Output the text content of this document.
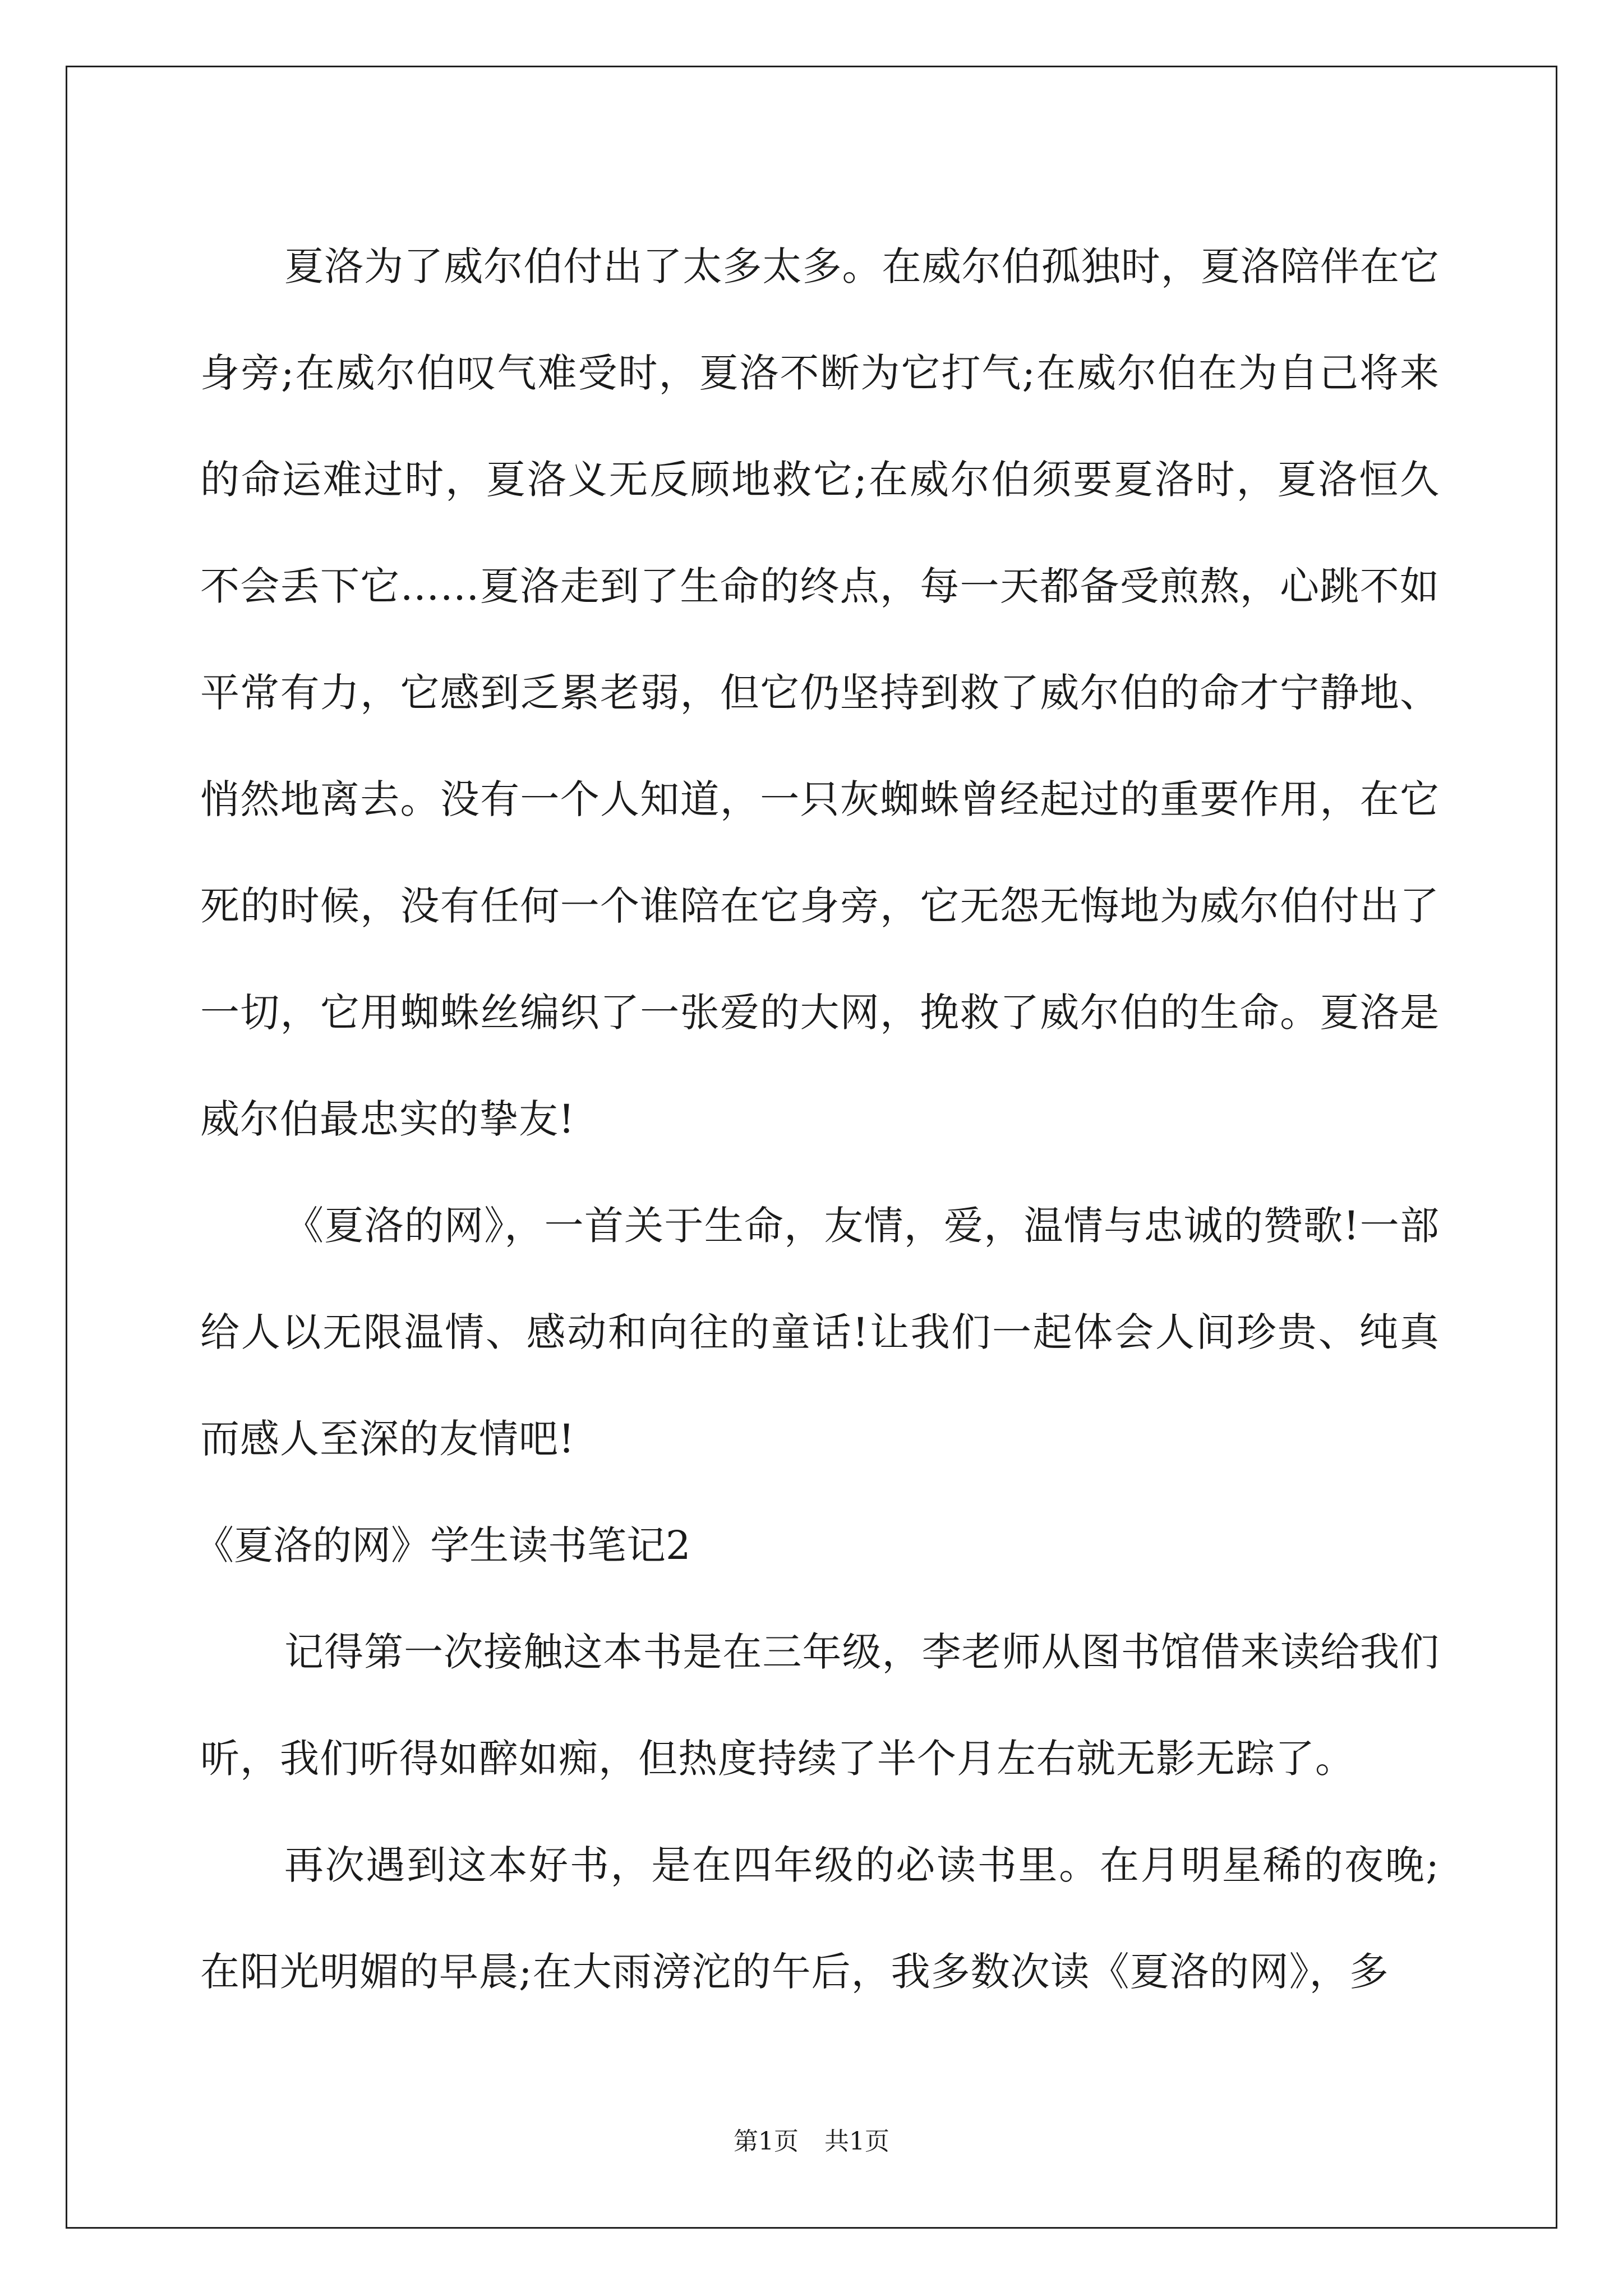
夏洛为了威尔伯付出了太多太多。在威尔伯孤独时，夏洛陪伴在它身旁;在威尔伯叹气难受时，夏洛不断为它打气;在威尔伯在为自己将来的命运难过时，夏洛义无反顾地救它;在威尔伯须要夏洛时，夏洛恒久不会丢下它……夏洛走到了生命的终点，每一天都备受煎熬，心跳不如平常有力，它感到乏累老弱，但它仍坚持到救了威尔伯的命才宁静地、悄然地离去。没有一个人知道，一只灰蜘蛛曾经起过的重要作用，在它死的时候，没有任何一个谁陪在它身旁，它无怨无悔地为威尔伯付出了一切，它用蜘蛛丝编织了一张爱的大网，挽救了威尔伯的生命。夏洛是威尔伯最忠实的挚友!

《夏洛的网》，一首关于生命，友情，爱，温情与忠诚的赞歌!一部给人以无限温情、感动和向往的童话!让我们一起体会人间珍贵、纯真而感人至深的友情吧!

《夏洛的网》学生读书笔记2

记得第一次接触这本书是在三年级，李老师从图书馆借来读给我们听，我们听得如醉如痴，但热度持续了半个月左右就无影无踪了。

再次遇到这本好书，是在四年级的必读书里。在月明星稀的夜晚;在阳光明媚的早晨;在大雨滂沱的午后，我多数次读《夏洛的网》，多

第1页 共1页
